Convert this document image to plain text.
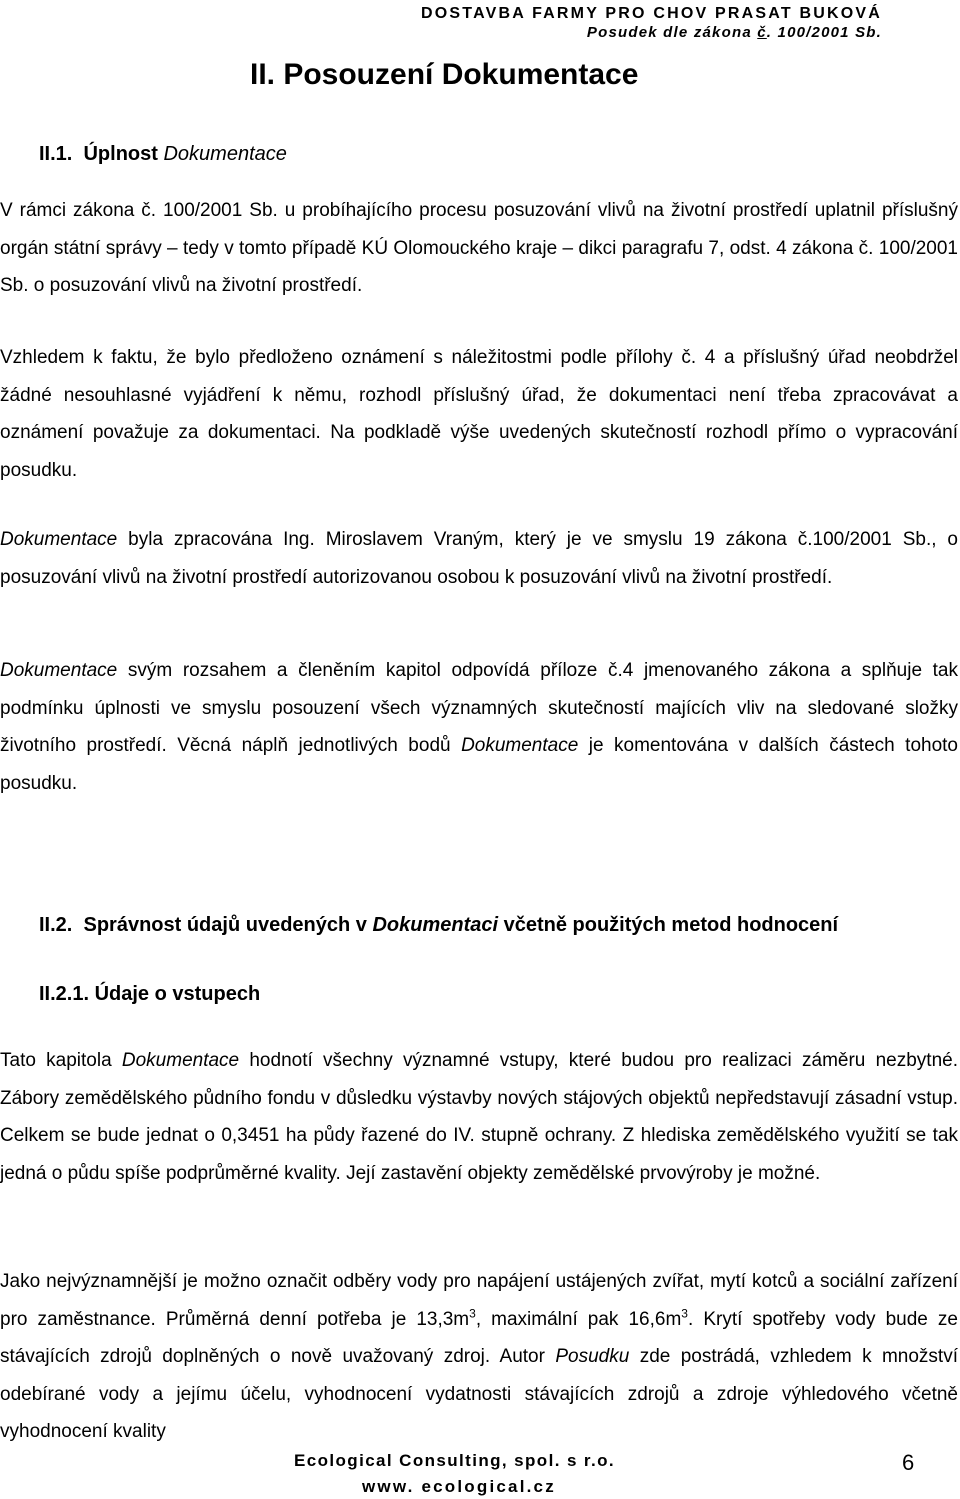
DOSTAVBA FARMY PRO CHOV PRASAT BUKOVÁ
Posudek dle zákona č. 100/2001 Sb.
II. Posouzení Dokumentace
II.1. Úplnost Dokumentace

V rámci zákona č. 100/2001 Sb. u probíhajícího procesu posuzování vlivů na životní prostředí uplatnil příslušný orgán státní správy – tedy v tomto případě KÚ Olomouckého kraje – dikci paragrafu 7, odst. 4 zákona č. 100/2001 Sb. o posuzování vlivů na životní prostředí.

Vzhledem k faktu, že bylo předloženo oznámení s náležitostmi podle přílohy č. 4 a příslušný úřad neobdržel žádné nesouhlasné vyjádření k němu, rozhodl příslušný úřad, že dokumentaci není třeba zpracovávat a oznámení považuje za dokumentaci. Na podkladě výše uvedených skutečností rozhodl přímo o vypracování posudku.

Dokumentace byla zpracována Ing. Miroslavem Vraným, který je ve smyslu 19 zákona č.100/2001 Sb., o posuzování vlivů na životní prostředí autorizovanou osobou k posuzování vlivů na životní prostředí.

Dokumentace svým rozsahem a členěním kapitol odpovídá příloze č.4 jmenovaného zákona a splňuje tak podmínku úplnosti ve smyslu posouzení všech významných skutečností majících vliv na sledované složky životního prostředí. Věcná náplň jednotlivých bodů Dokumentace je komentována v dalších částech tohoto posudku.

II.2. Správnost údajů uvedených v Dokumentaci včetně použitých metod hodnocení
II.2.1. Údaje o vstupech

Tato kapitola Dokumentace hodnotí všechny významné vstupy, které budou pro realizaci záměru nezbytné. Zábory zemědělského půdního fondu v důsledku výstavby nových stájových objektů nepředstavují zásadní vstup. Celkem se bude jednat o 0,3451 ha půdy řazené do IV. stupně ochrany. Z hlediska zemědělského využití se tak jedná o půdu spíše podprůměrné kvality. Její zastavění objekty zemědělské prvovýroby je možné.

Jako nejvýznamnější je možno označit odběry vody pro napájení ustájených zvířat, mytí kotců a sociální zařízení pro zaměstnance. Průměrná denní potřeba je $13,3m^3$, maximální pak $16,6m^3$. Krytí spotřeby vody bude ze stávajících zdrojů doplněných o nově uvažovaný zdroj. Autor Posudku zde postrádá, vzhledem k množství odebírané vody a jejímu účelu, vyhodnocení vydatnosti stávajících zdrojů a zdroje výhledového včetně vyhodnocení kvality

Ecological Consulting, spol. s r.o.
www. ecological.cz
6
